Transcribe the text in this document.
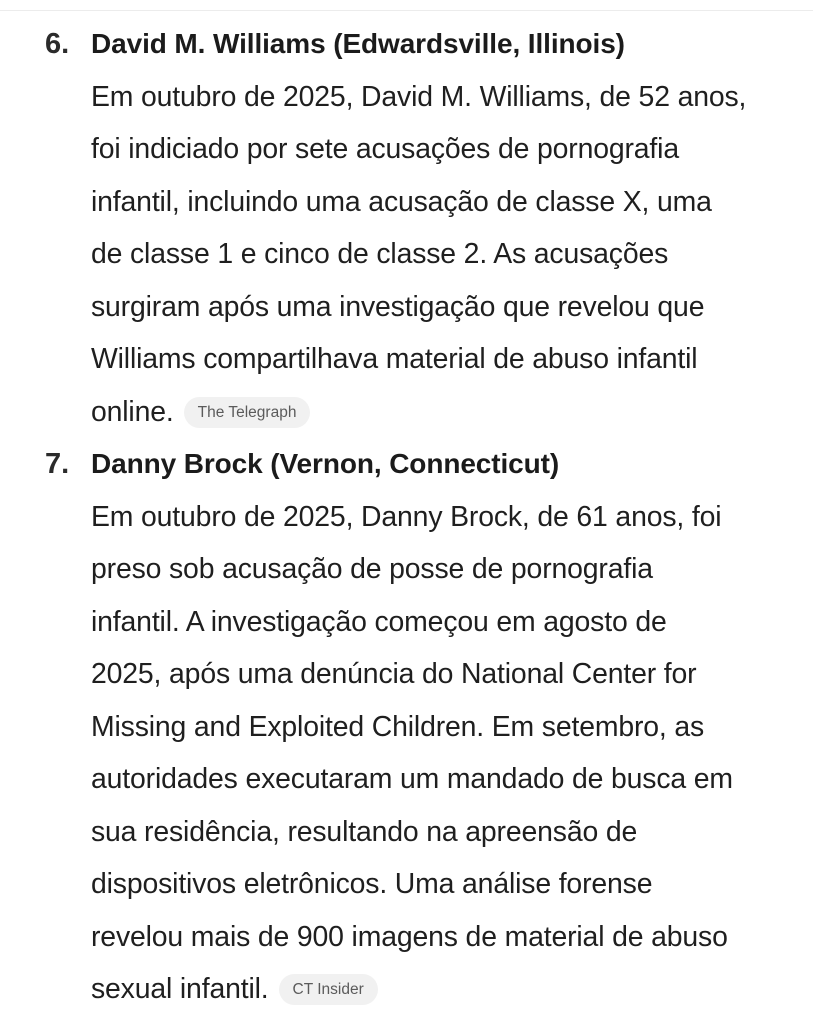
6. David M. Williams (Edwardsville, Illinois)
Em outubro de 2025, David M. Williams, de 52 anos,
foi indiciado por sete acusações de pornografia
infantil, incluindo uma acusação de classe X, uma
de classe 1 e cinco de classe 2. As acusações
surgiram após uma investigação que revelou que
Williams compartilhava material de abuso infantil
online. The Telegraph
7. Danny Brock (Vernon, Connecticut)
Em outubro de 2025, Danny Brock, de 61 anos, foi
preso sob acusação de posse de pornografia
infantil. A investigação começou em agosto de
2025, após uma denúncia do National Center for
Missing and Exploited Children. Em setembro, as
autoridades executaram um mandado de busca em
sua residência, resultando na apreensão de
dispositivos eletrônicos. Uma análise forense
revelou mais de 900 imagens de material de abuso
sexual infantil. CT Insider
